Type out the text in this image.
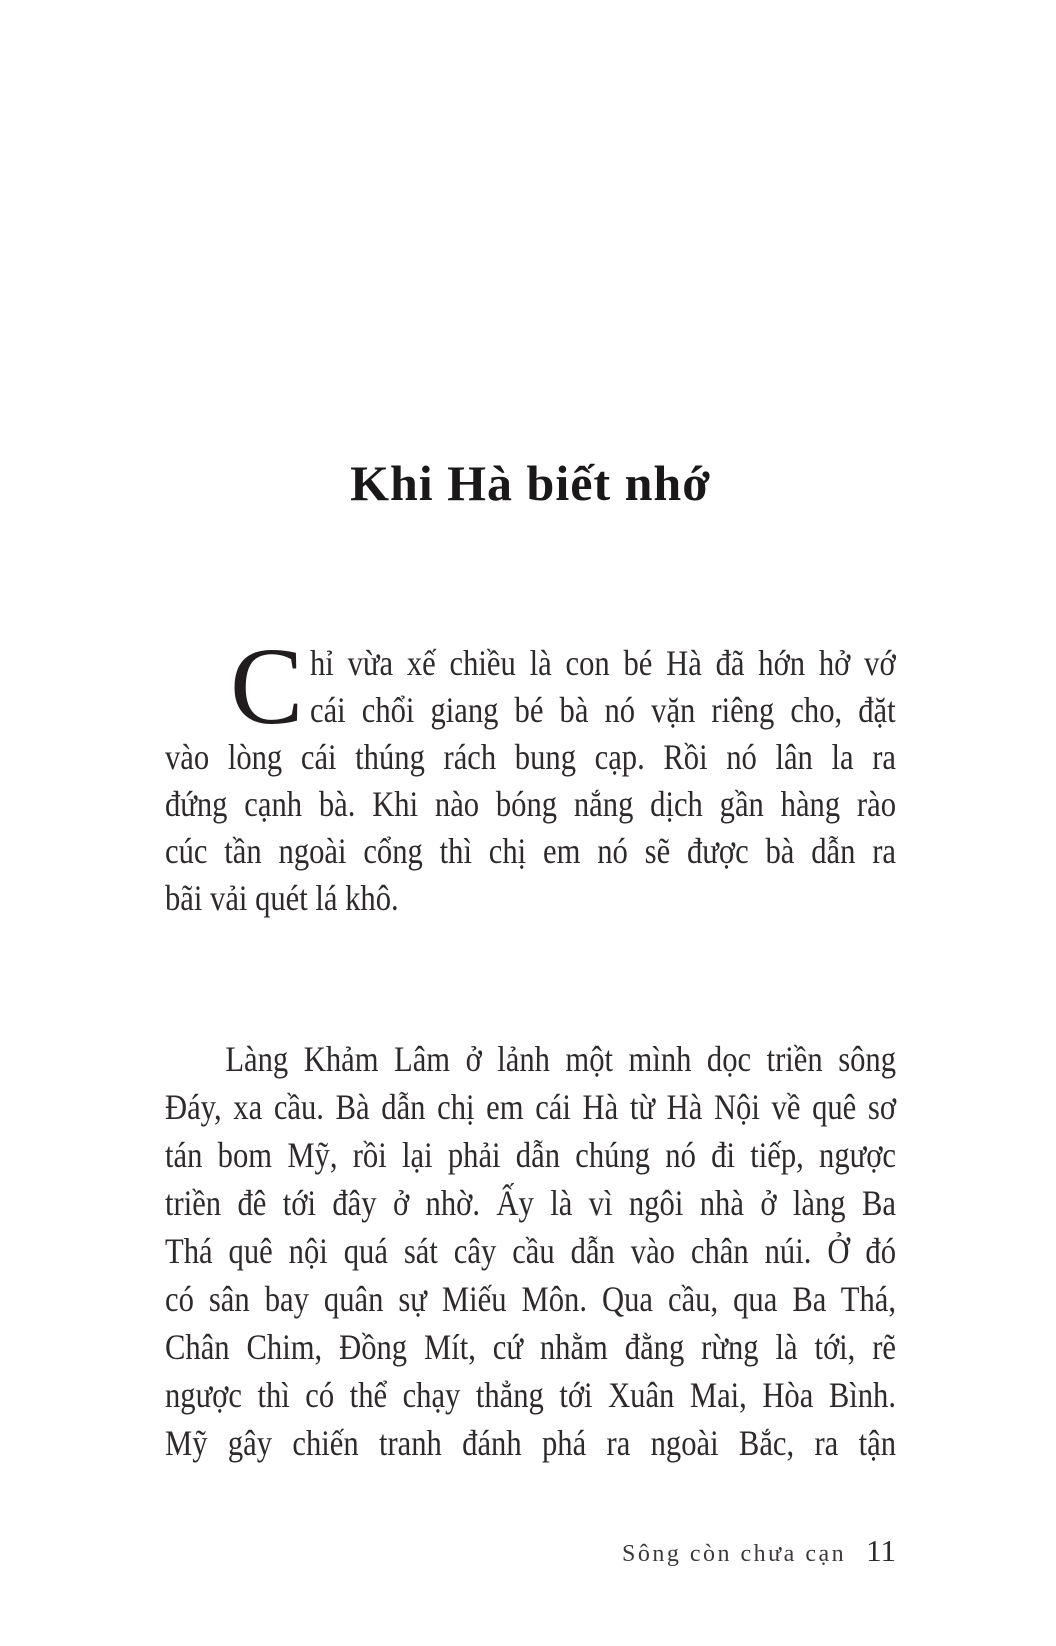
Khi Hà biết nhớ
C hỉ vừa xế chiều là con bé Hà đã hớn hở vớ
cái chổi giang bé bà nó vặn riêng cho, đặt
vào lòng cái thúng rách bung cạp. Rồi nó lân la ra
đứng cạnh bà. Khi nào bóng nắng dịch gần hàng rào
cúc tần ngoài cổng thì chị em nó sẽ được bà dẫn ra
bãi vải quét lá khô.
Làng Khảm Lâm ở lảnh một mình dọc triền sông
Đáy, xa cầu. Bà dẫn chị em cái Hà từ Hà Nội về quê sơ
tán bom Mỹ, rồi lại phải dẫn chúng nó đi tiếp, ngược
triền đê tới đây ở nhờ. Ấy là vì ngôi nhà ở làng Ba
Thá quê nội quá sát cây cầu dẫn vào chân núi. Ở đó
có sân bay quân sự Miếu Môn. Qua cầu, qua Ba Thá,
Chân Chim, Đồng Mít, cứ nhằm đằng rừng là tới, rẽ
ngược thì có thể chạy thẳng tới Xuân Mai, Hòa Bình.
Mỹ gây chiến tranh đánh phá ra ngoài Bắc, ra tận
Sông còn chưa cạn 11
